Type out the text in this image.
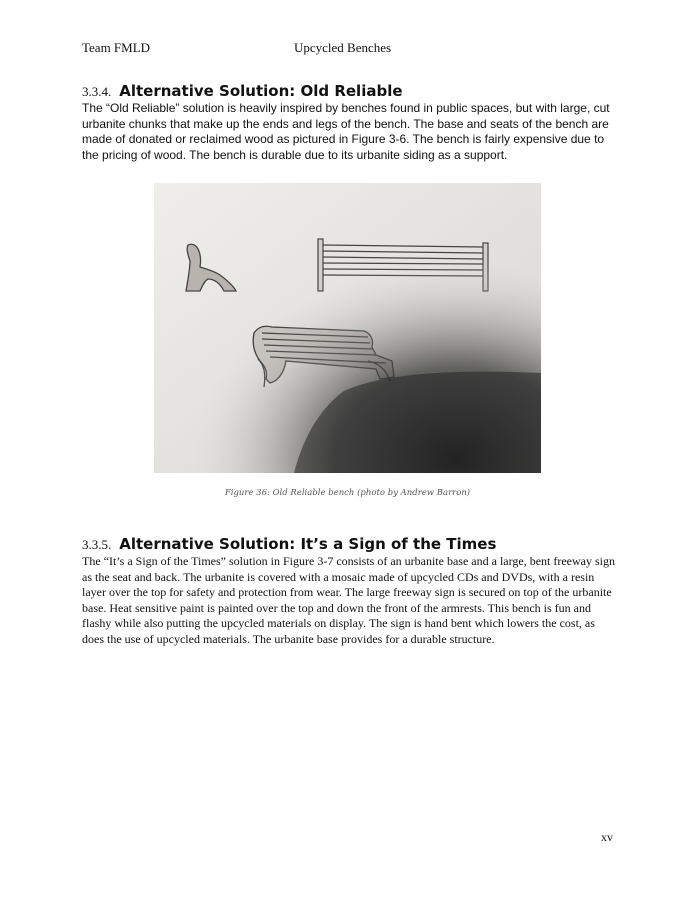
Team FMLD	Upcycled Benches
3.3.4. Alternative Solution: Old Reliable

The “Old Reliable” solution is heavily inspired by benches found in public spaces, but with large, cut urbanite chunks that make up the ends and legs of the bench. The base and seats of the bench are made of donated or reclaimed wood as pictured in Figure 3-6. The bench is fairly expensive due to the pricing of wood. The bench is durable due to its urbanite siding as a support.

Figure 36: Old Reliable bench (photo by Andrew Barron)
3.3.5. Alternative Solution: It’s a Sign of the Times

The “It’s a Sign of the Times” solution in Figure 3-7 consists of an urbanite base and a large, bent freeway sign as the seat and back. The urbanite is covered with a mosaic made of upcycled CDs and DVDs, with a resin layer over the top for safety and protection from wear. The large freeway sign is secured on top of the urbanite base. Heat sensitive paint is painted over the top and down the front of the armrests. This bench is fun and flashy while also putting the upcycled materials on display. The sign is hand bent which lowers the cost, as does the use of upcycled materials. The urbanite base provides for a durable structure.

xv
